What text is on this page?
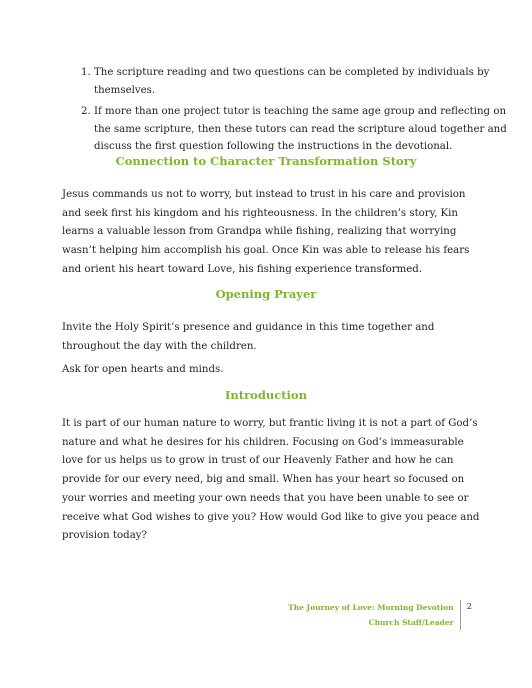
1. The scripture reading and two questions can be completed by individuals by themselves.
2. If more than one project tutor is teaching the same age group and reflecting on the same scripture, then these tutors can read the scripture aloud together and discuss the first question following the instructions in the devotional.
Connection to Character Transformation Story

Jesus commands us not to worry, but instead to trust in his care and provision and seek first his kingdom and his righteousness. In the children’s story, Kin learns a valuable lesson from Grandpa while fishing, realizing that worrying wasn’t helping him accomplish his goal. Once Kin was able to release his fears and orient his heart toward Love, his fishing experience transformed.

Opening Prayer

Invite the Holy Spirit’s presence and guidance in this time together and throughout the day with the children.

Ask for open hearts and minds.

Introduction

It is part of our human nature to worry, but frantic living it is not a part of God’s nature and what he desires for his children. Focusing on God’s immeasurable love for us helps us to grow in trust of our Heavenly Father and how he can provide for our every need, big and small. When has your heart so focused on your worries and meeting your own needs that you have been unable to see or receive what God wishes to give you? How would God like to give you peace and provision today?

The Journey of Love: Morning Devotion
Church Staff/Leader
2
